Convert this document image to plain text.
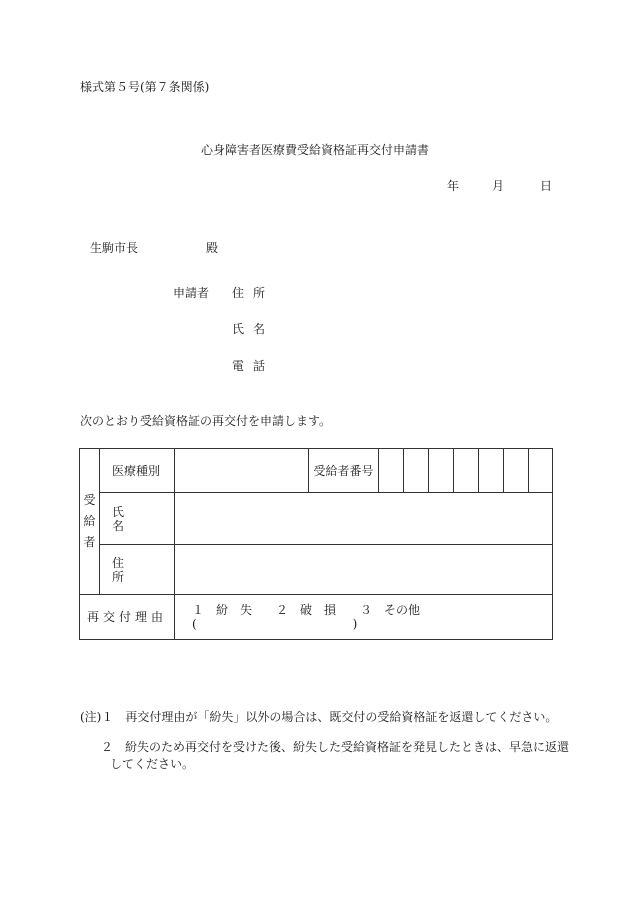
様式第５号(第７条関係)
心身障害者医療費受給資格証再交付申請書
年	月	日
生駒市長	殿
申請者 住所
氏名
電話
次のとおり受給資格証の再交付を申請します。
受
給
者	医療種別		受給者番号							
	氏名									
	住所									
再交付理由		１　紛　失　　２　破　損　　３　その他(　　　　　　　　　　　　　)								
(注)１　再交付理由が「紛失」以外の場合は、既交付の受給資格証を返還してください。
２　紛失のため再交付を受けた後、紛失した受給資格証を発見したときは、早急に返還
してください。
